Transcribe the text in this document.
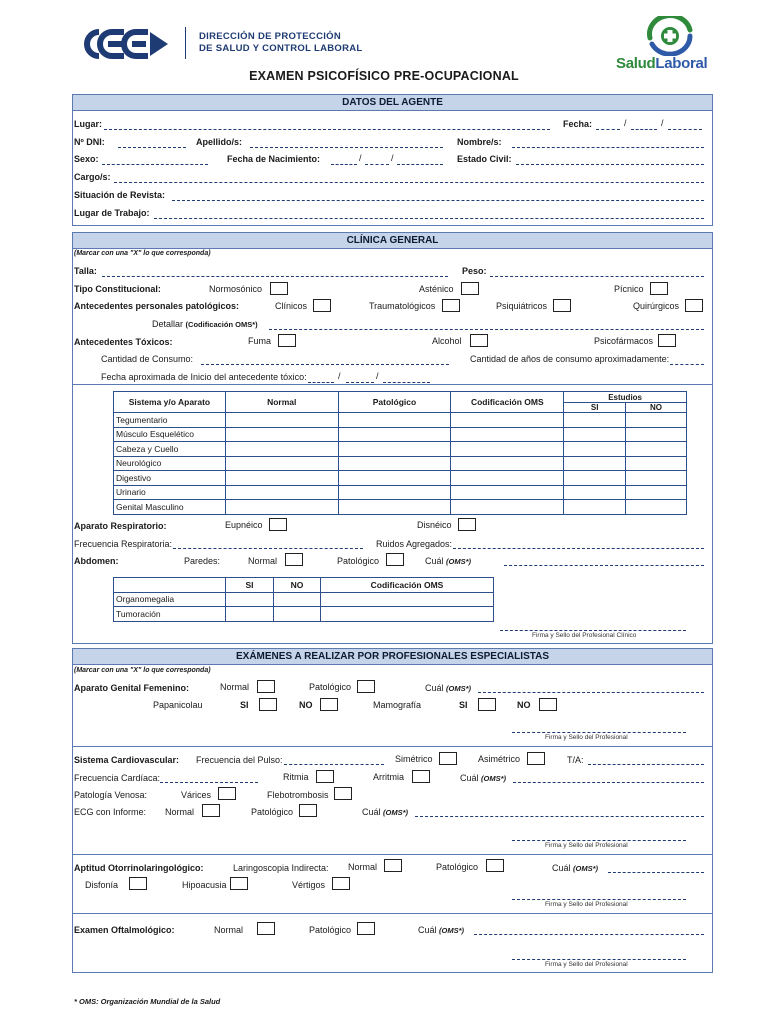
DIRECCIÓN DE PROTECCIÓN
DE SALUD Y CONTROL LABORAL
SaludLaboral
EXAMEN PSICOFÍSICO PRE-OCUPACIONAL
DATOS DEL AGENTE
Lugar:	Fecha:	/	/
Nº DNI:	Apellido/s:	Nombre/s:
Sexo:	Fecha de Nacimiento:	/	/	Estado Civil:
Cargo/s:
Situación de Revista:
Lugar de Trabajo:
CLÍNICA GENERAL
(Marcar con una "X" lo que corresponda)
Talla:	Peso:
Tipo Constitucional:	Normosónico	Asténico	Pícnico
Antecedentes personales patológicos:	Clínicos	Traumatológicos	Psiquiátricos	Quirúrgicos
Detallar (Codificación OMS*)
Antecedentes Tóxicos:	Fuma	Alcohol	Psicofármacos
Cantidad de Consumo:	Cantidad de años de consumo aproximadamente:
Fecha aproximada de Inicio del antecedente tóxico:	/	/
Sistema y/o Aparato	Normal	Patológico	Codificación OMS	Estudios	
				SI	NO
Tegumentario					
Músculo Esquelético					
Cabeza y Cuello					
Neurológico					
Digestivo					
Urinario					
Genital Masculino					
Aparato Respiratorio:	Eupnéico	Disnéico
Frecuencia Respiratoria:	Ruidos Agregados:
Abdomen:	Paredes:	Normal	Patológico	Cuál (OMS*)
	SI	NO	Codificación OMS
Organomegalia			
Tumoración			
Firma y Sello del Profesional Clínico
EXÁMENES A REALIZAR POR PROFESIONALES ESPECIALISTAS
(Marcar con una "X" lo que corresponda)
Aparato Genital Femenino:	Normal	Patológico	Cuál (OMS*)
Papanicolau	SI	NO	Mamografía	SI	NO
Firma y Sello del Profesional
Sistema Cardiovascular: Frecuencia del Pulso:	Simétrico	Asimétrico	T/A:
Frecuencia Cardíaca:	Ritmia	Arritmia	Cuál (OMS*)
Patología Venosa:	Várices	Flebotrombosis
ECG con Informe: Normal	Patológico	Cuál (OMS*)
Firma y Sello del Profesional
Aptitud Otorrinolaringológico:	Laringoscopia Indirecta: Normal	Patológico	Cuál (OMS*)
Disfonía	Hipoacusia	Vértigos
Firma y Sello del Profesional
Examen Oftalmológico:	Normal	Patológico	Cuál (OMS*)
Firma y Sello del Profesional
* OMS: Organización Mundial de la Salud
